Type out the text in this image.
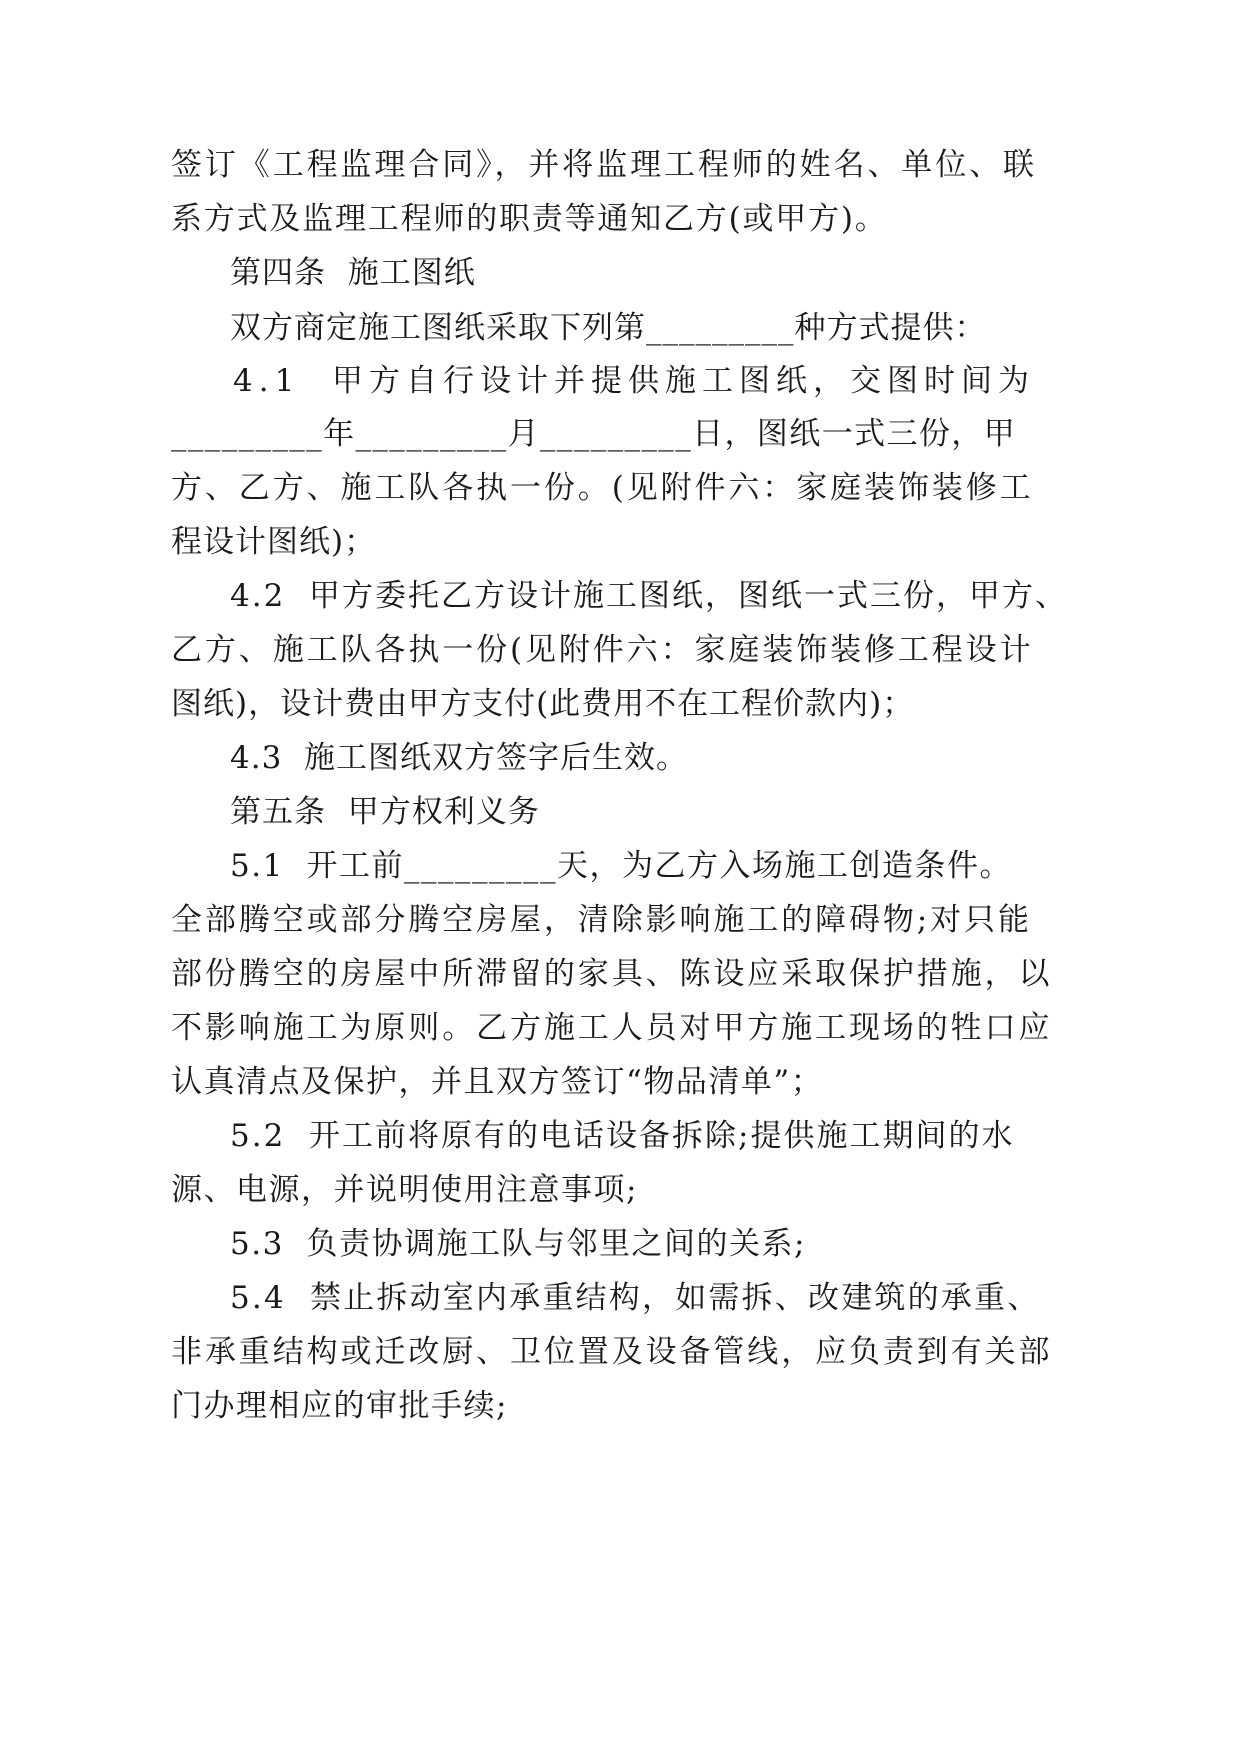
签订《工程监理合同》，并将监理工程师的姓名、单位、联

系方式及监理工程师的职责等通知乙方(或甲方)。

第四条  施工图纸

双方商定施工图纸采取下列第_________种方式提供：

4.1  甲方自行设计并提供施工图纸，交图时间为

_________年_________月_________日，图纸一式三份，甲

方、乙方、施工队各执一份。(见附件六：家庭装饰装修工

程设计图纸)；

4.2  甲方委托乙方设计施工图纸，图纸一式三份，甲方、

乙方、施工队各执一份(见附件六：家庭装饰装修工程设计

图纸)，设计费由甲方支付(此费用不在工程价款内)；

4.3  施工图纸双方签字后生效。

第五条  甲方权利义务

5.1  开工前_________天，为乙方入场施工创造条件。

全部腾空或部分腾空房屋，清除影响施工的障碍物;对只能

部份腾空的房屋中所滞留的家具、陈设应采取保护措施，以

不影响施工为原则。乙方施工人员对甲方施工现场的牲口应

认真清点及保护，并且双方签订“物品清单”；

5.2  开工前将原有的电话设备拆除;提供施工期间的水

源、电源，并说明使用注意事项;

5.3  负责协调施工队与邻里之间的关系;

5.4  禁止拆动室内承重结构，如需拆、改建筑的承重、

非承重结构或迁改厨、卫位置及设备管线，应负责到有关部

门办理相应的审批手续;
